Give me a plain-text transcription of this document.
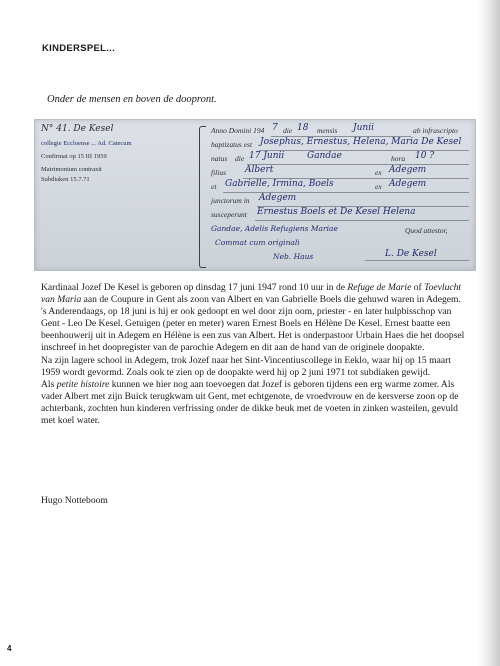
KINDERSPEL...
Onder de mensen en boven de doopront.
N° 41. De Kesel
collegie Eccloense ... Ad. Catecum
Confirmat op 15 III 1959
Matrimonium contraxit
Subdiaken 15.7.71
Anno Domini 194 7 die 18 mensis Junii	ab infrascripto
baptizatus est Josephus, Ernestus, Helena, Maria De Kesel
natus die 17 Junii	Gandae	hora 10 ?
filius Albert	ex Adegem
et Gabrielle, Irmina, Boels	ex Adegem
junctorum in Adegem
susceperunt Ernestus Boels et De Kesel Helena
Gandae, Adelis Refugiens Mariae	Quod attestor,
Commat cum originali
Neb. Haus	L. De Kesel

Kardinaal Jozef De Kesel is geboren op dinsdag 17 juni 1947 rond 10 uur in de Refuge de Marie of Toevlucht van Maria aan de Coupure in Gent als zoon van Albert en van Gabrielle Boels die gehuwd waren in Adegem.

's Anderendaags, op 18 juni is hij er ook gedoopt en wel door zijn oom, priester - en later hulpbisschop van Gent - Leo De Kesel. Getuigen (peter en meter) waren Ernest Boels en Hélène De Kesel. Ernest baatte een beenhouwerij uit in Adegem en Hélène is een zus van Albert. Het is onderpastoor Urbain Haes die het doopsel inschreef in het doopregister van de parochie Adegem en dit aan de hand van de originele doopakte.

Na zijn lagere school in Adegem, trok Jozef naar het Sint-Vincentiuscollege in Eeklo, waar hij op 15 maart 1959 wordt gevormd. Zoals ook te zien op de doopakte werd hij op 2 juni 1971 tot subdiaken gewijd.

Als petite histoire kunnen we hier nog aan toevoegen dat Jozef is geboren tijdens een erg warme zomer. Als vader Albert met zijn Buick terugkwam uit Gent, met echtgenote, de vroedvrouw en de kersverse zoon op de achterbank, zochten hun kinderen verfrissing onder de dikke beuk met de voeten in zinken wasteilen, gevuld met koel water.

Hugo Notteboom
4
